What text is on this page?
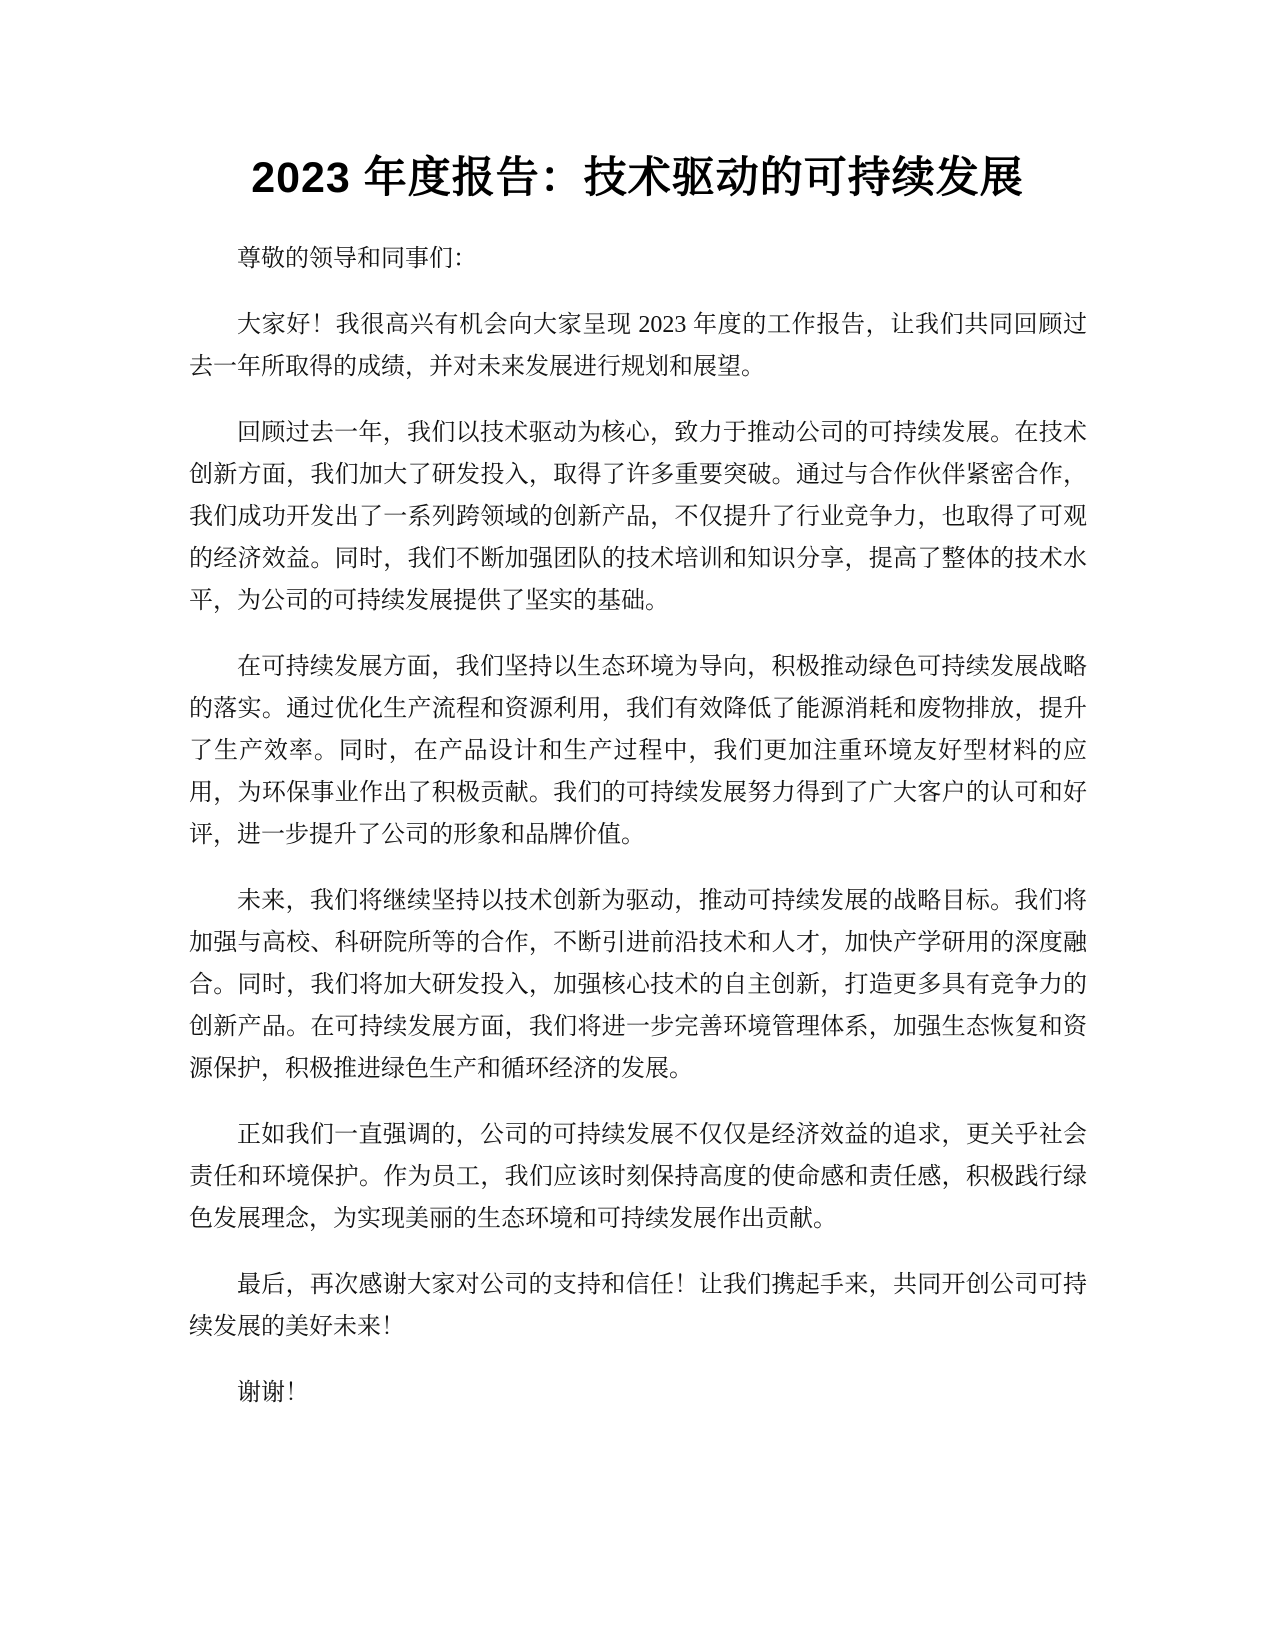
2023 年度报告：技术驱动的可持续发展

尊敬的领导和同事们：

大家好！我很高兴有机会向大家呈现 2023 年度的工作报告，让我们共同回顾过去一年所取得的成绩，并对未来发展进行规划和展望。

回顾过去一年，我们以技术驱动为核心，致力于推动公司的可持续发展。在技术创新方面，我们加大了研发投入，取得了许多重要突破。通过与合作伙伴紧密合作，我们成功开发出了一系列跨领域的创新产品，不仅提升了行业竞争力，也取得了可观的经济效益。同时，我们不断加强团队的技术培训和知识分享，提高了整体的技术水平，为公司的可持续发展提供了坚实的基础。

在可持续发展方面，我们坚持以生态环境为导向，积极推动绿色可持续发展战略的落实。通过优化生产流程和资源利用，我们有效降低了能源消耗和废物排放，提升了生产效率。同时，在产品设计和生产过程中，我们更加注重环境友好型材料的应用，为环保事业作出了积极贡献。我们的可持续发展努力得到了广大客户的认可和好评，进一步提升了公司的形象和品牌价值。

未来，我们将继续坚持以技术创新为驱动，推动可持续发展的战略目标。我们将加强与高校、科研院所等的合作，不断引进前沿技术和人才，加快产学研用的深度融合。同时，我们将加大研发投入，加强核心技术的自主创新，打造更多具有竞争力的创新产品。在可持续发展方面，我们将进一步完善环境管理体系，加强生态恢复和资源保护，积极推进绿色生产和循环经济的发展。

正如我们一直强调的，公司的可持续发展不仅仅是经济效益的追求，更关乎社会责任和环境保护。作为员工，我们应该时刻保持高度的使命感和责任感，积极践行绿色发展理念，为实现美丽的生态环境和可持续发展作出贡献。

最后，再次感谢大家对公司的支持和信任！让我们携起手来，共同开创公司可持续发展的美好未来！

谢谢！
